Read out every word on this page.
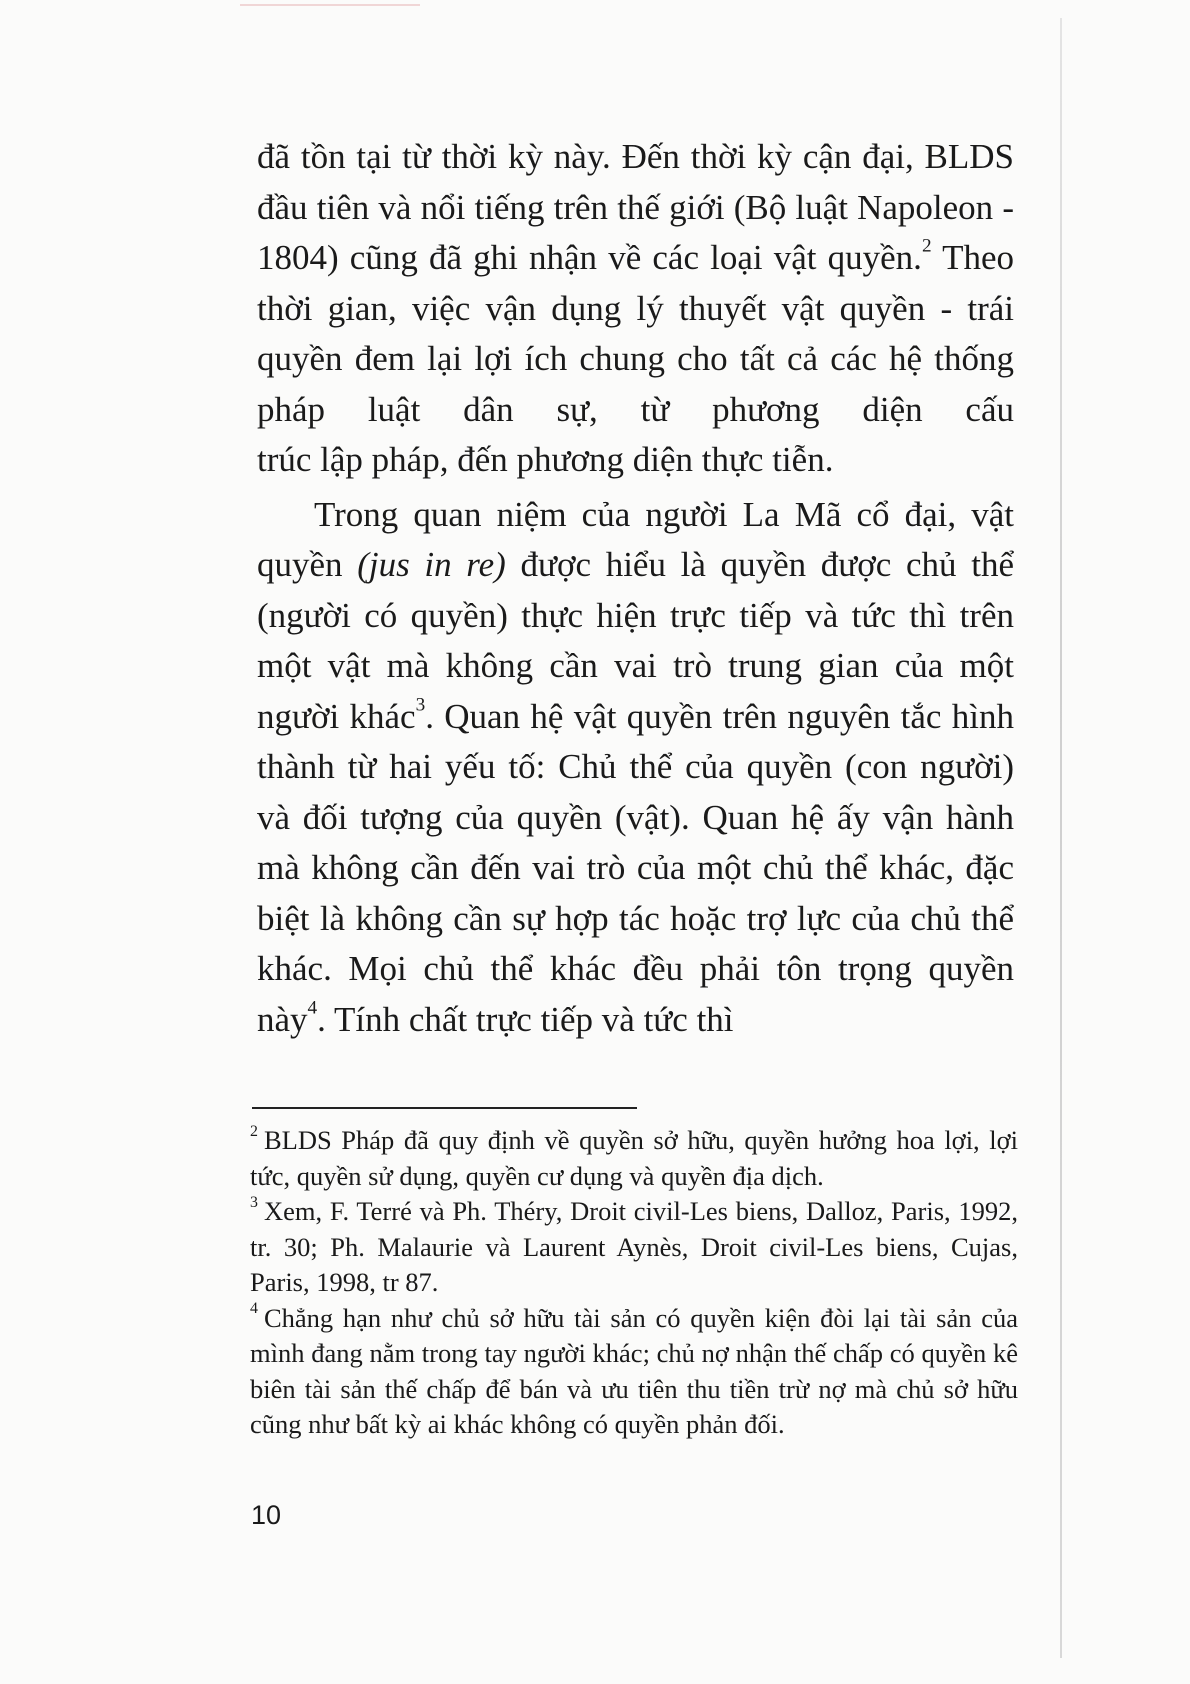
đã tồn tại từ thời kỳ này. Đến thời kỳ cận đại, BLDS đầu tiên và nổi tiếng trên thế giới (Bộ luật Napoleon - 1804) cũng đã ghi nhận về các loại vật quyền.$^2$ Theo thời gian, việc vận dụng lý thuyết vật quyền - trái quyền đem lại lợi ích chung cho tất cả các hệ thống pháp luật dân sự, từ phương diện cấu
trúc lập pháp, đến phương diện thực tiễn.

Trong quan niệm của người La Mã cổ đại, vật quyền (jus in re) được hiểu là quyền được chủ thể (người có quyền) thực hiện trực tiếp và tức thì trên một vật mà không cần vai trò trung gian của một người khác$^3$. Quan hệ vật quyền trên nguyên tắc hình thành từ hai yếu tố: Chủ thể của quyền (con người) và đối tượng của quyền (vật). Quan hệ ấy vận hành mà không cần đến vai trò của một chủ thể khác, đặc biệt là không cần sự hợp tác hoặc trợ lực của chủ thể khác. Mọi chủ thể khác đều phải tôn trọng quyền này$^4$. Tính chất trực tiếp và tức thì

$^2$ BLDS Pháp đã quy định về quyền sở hữu, quyền hưởng hoa lợi, lợi tức, quyền sử dụng, quyền cư dụng và quyền địa dịch.

$^3$ Xem, F. Terré và Ph. Théry, Droit civil-Les biens, Dalloz, Paris, 1992, tr. 30; Ph. Malaurie và Laurent Aynès, Droit civil-Les biens, Cujas, Paris, 1998, tr 87.

$^4$ Chẳng hạn như chủ sở hữu tài sản có quyền kiện đòi lại tài sản của mình đang nằm trong tay người khác; chủ nợ nhận thế chấp có quyền kê biên tài sản thế chấp để bán và ưu tiên thu tiền trừ nợ mà chủ sở hữu cũng như bất kỳ ai khác không có quyền phản đối.

10
